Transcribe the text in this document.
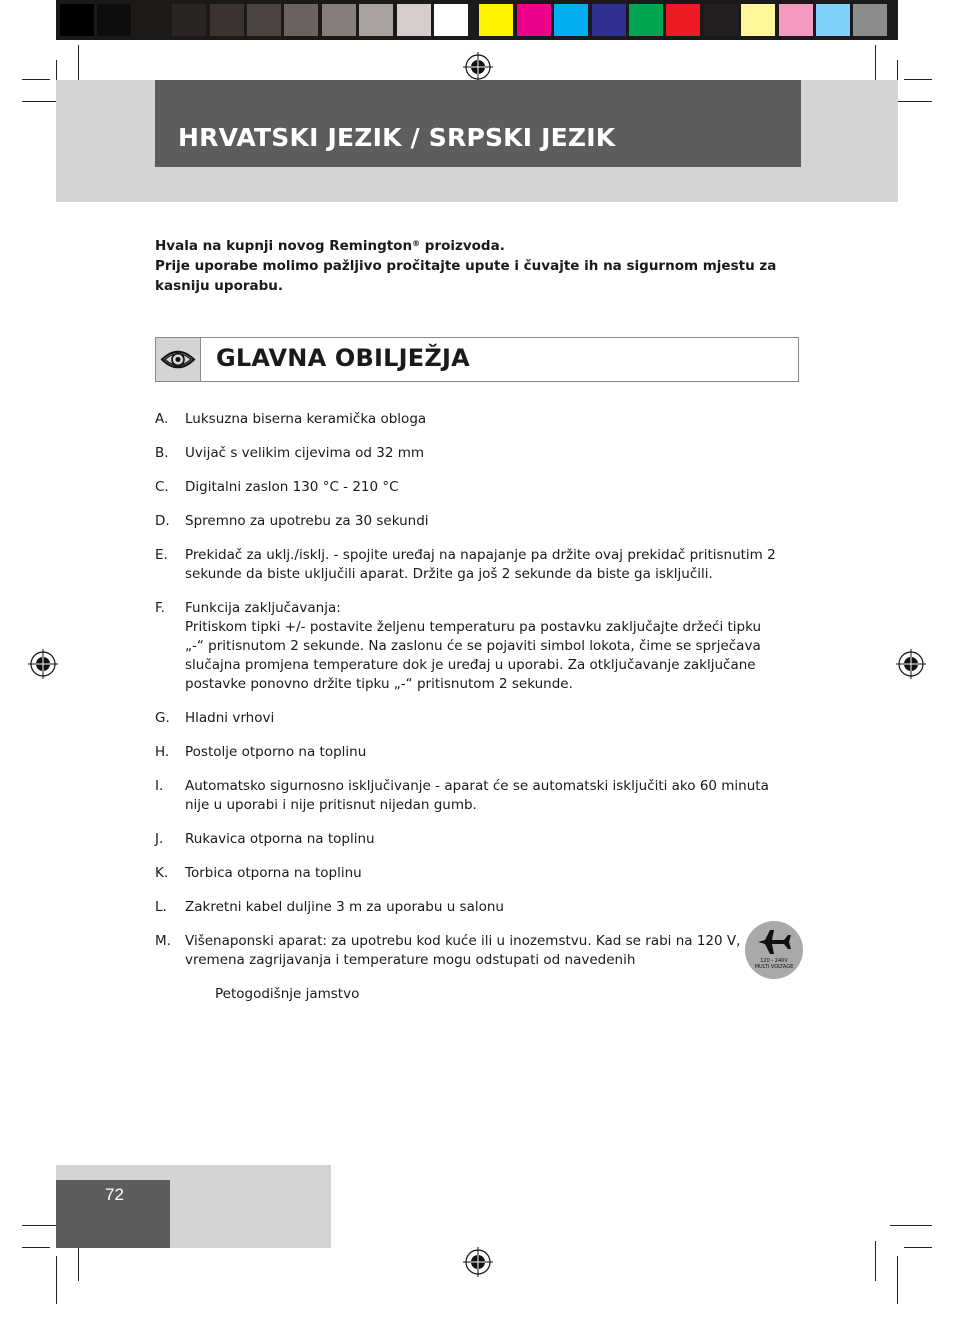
HRVATSKI JEZIK / SRPSKI JEZIK

Hvala na kupnji novog Remington® proizvoda.

Prije uporabe molimo pažljivo pročitajte upute i čuvajte ih na sigurnom mjestu za kasniju uporabu.

GLAVNA OBILJEŽJA
A.	Luksuzna biserna keramička obloga
B.	Uvijač s velikim cijevima od 32 mm
C.	Digitalni zaslon 130 °C - 210 °C
D.	Spremno za upotrebu za 30 sekundi
E.	Prekidač za uklj./isklj. - spojite uređaj na napajanje pa držite ovaj prekidač pritisnutim 2
sekunde da biste uključili aparat. Držite ga još 2 sekunde da biste ga isključili.
F.	Funkcija zaključavanja:
Pritiskom tipki +/- postavite željenu temperaturu pa postavku zaključajte držeći tipku
„-“ pritisnutom 2 sekunde. Na zaslonu će se pojaviti simbol lokota, čime se sprječava
slučajna promjena temperature dok je uređaj u uporabi. Za otključavanje zaključane
postavke ponovno držite tipku „-“ pritisnutom 2 sekunde.
G.	Hladni vrhovi
H.	Postolje otporno na toplinu
I.	Automatsko sigurnosno isključivanje - aparat će se automatski isključiti ako 60 minuta
nije u uporabi i nije pritisnut nijedan gumb.
J.	Rukavica otporna na toplinu
K.	Torbica otporna na toplinu
L.	Zakretni kabel duljine 3 m za uporabu u salonu
M.	Višenaponski aparat: za upotrebu kod kuće ili u inozemstvu. Kad se rabi na 120 V,
vremena zagrijavanja i temperature mogu odstupati od navedenih
Petogodišnje jamstvo
120 - 240V
MULTI VOLTAGE
72
